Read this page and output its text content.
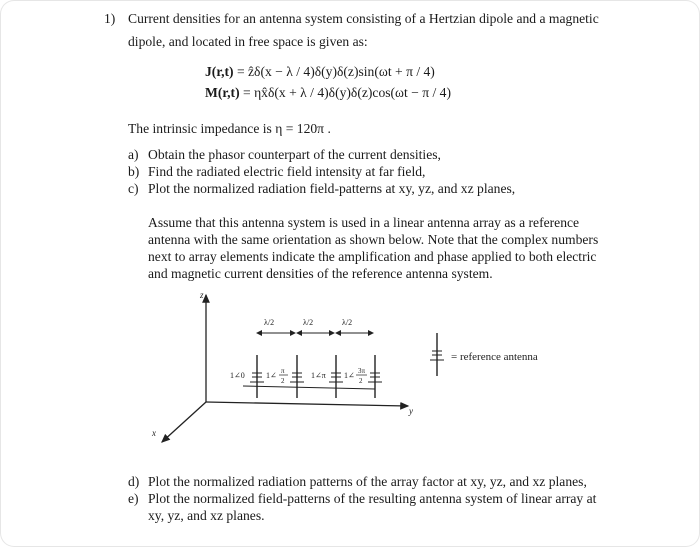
1) Current densities for an antenna system consisting of a Hertzian dipole and a magnetic
dipole, and located in free space is given as:
J(r,t) = ẑδ(x − λ / 4)δ(y)δ(z)sin(ωt + π / 4)
M(r,t) = ηx̂δ(x + λ / 4)δ(y)δ(z)cos(ωt − π / 4)
The intrinsic impedance is η = 120π .
a) Obtain the phasor counterpart of the current densities,
b) Find the radiated electric field intensity at far field,
c) Plot the normalized radiation field-patterns at xy, yz, and xz planes,
Assume that this antenna system is used in a linear antenna array as a reference
antenna with the same orientation as shown below. Note that the complex numbers
next to array elements indicate the amplification and phase applied to both electric
and magnetic current densities of the reference antenna system.
z
y
x
λ/2	λ/2	λ/2
1∠0	1∠ π
2
1∠π 1∠ 3π
2
= reference antenna
d) Plot the normalized radiation patterns of the array factor at xy, yz, and xz planes,
e) Plot the normalized field-patterns of the resulting antenna system of linear array at
xy, yz, and xz planes.
